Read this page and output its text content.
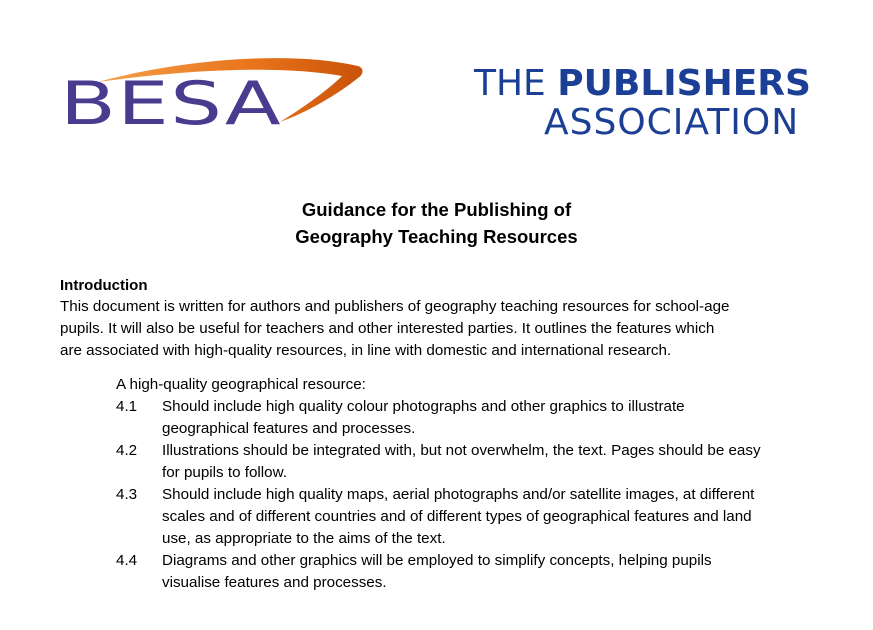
BESA	THE PUBLISHERS
ASSOCIATION
Guidance for the Publishing of
Geography Teaching Resources
Introduction
This document is written for authors and publishers of geography teaching resources for school-age
pupils. It will also be useful for teachers and other interested parties. It outlines the features which
are associated with high-quality resources, in line with domestic and international research.
A high-quality geographical resource:
4.1 Should include high quality colour photographs and other graphics to illustrate
geographical features and processes.
4.2 Illustrations should be integrated with, but not overwhelm, the text. Pages should be easy
for pupils to follow.
4.3 Should include high quality maps, aerial photographs and/or satellite images, at different
scales and of different countries and of different types of geographical features and land
use, as appropriate to the aims of the text.
4.4 Diagrams and other graphics will be employed to simplify concepts, helping pupils
visualise features and processes.
